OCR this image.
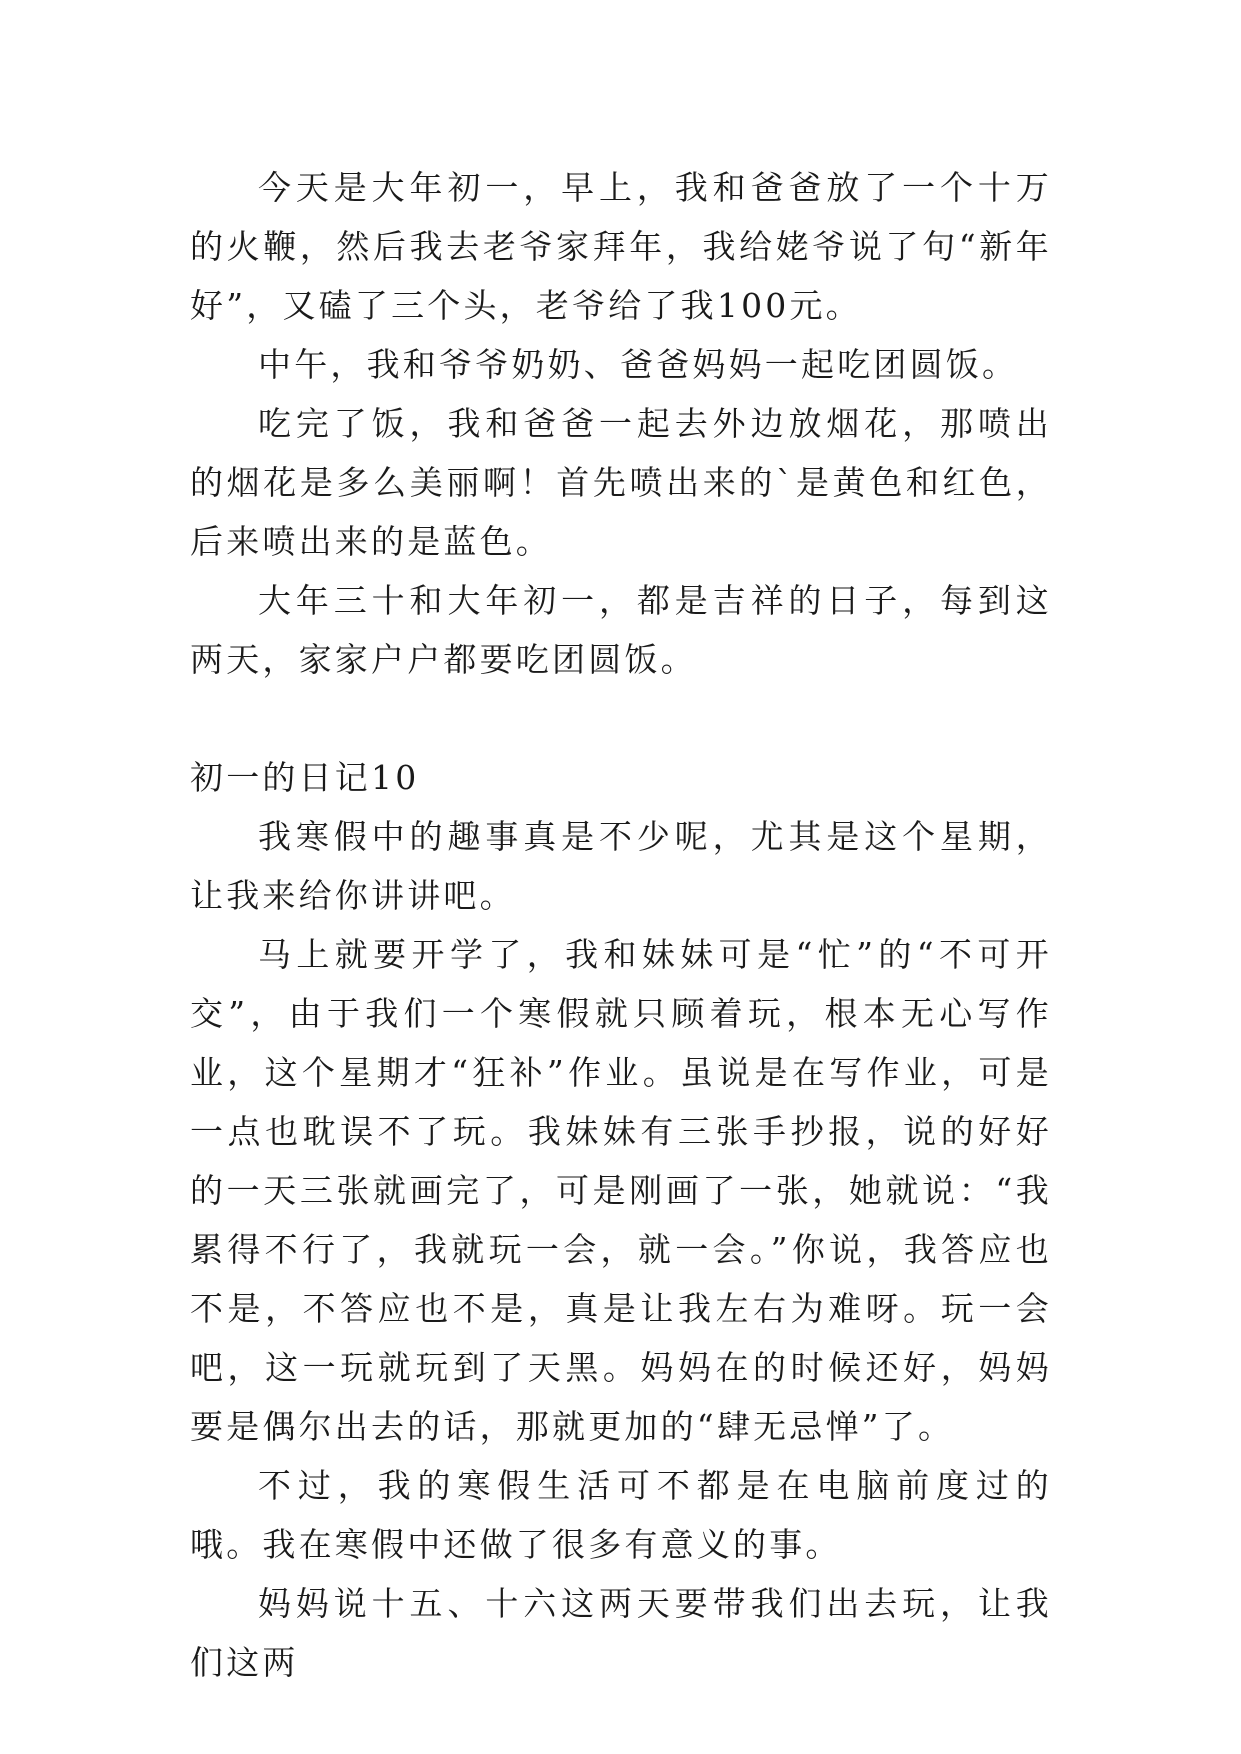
今天是大年初一，早上，我和爸爸放了一个十万的火鞭，然后我去老爷家拜年，我给姥爷说了句“新年好”，又磕了三个头，老爷给了我100元。

中午，我和爷爷奶奶、爸爸妈妈一起吃团圆饭。

吃完了饭，我和爸爸一起去外边放烟花，那喷出的烟花是多么美丽啊！首先喷出来的`是黄色和红色，后来喷出来的是蓝色。

大年三十和大年初一，都是吉祥的日子，每到这两天，家家户户都要吃团圆饭。

初一的日记10

我寒假中的趣事真是不少呢，尤其是这个星期，让我来给你讲讲吧。

马上就要开学了，我和妹妹可是“忙”的“不可开交”，由于我们一个寒假就只顾着玩，根本无心写作业，这个星期才“狂补”作业。虽说是在写作业，可是一点也耽误不了玩。我妹妹有三张手抄报，说的好好的一天三张就画完了，可是刚画了一张，她就说：“我累得不行了，我就玩一会，就一会。”你说，我答应也不是，不答应也不是，真是让我左右为难呀。玩一会吧，这一玩就玩到了天黑。妈妈在的时候还好，妈妈要是偶尔出去的话，那就更加的“肆无忌惮”了。

不过，我的寒假生活可不都是在电脑前度过的哦。我在寒假中还做了很多有意义的事。

妈妈说十五、十六这两天要带我们出去玩，让我们这两
